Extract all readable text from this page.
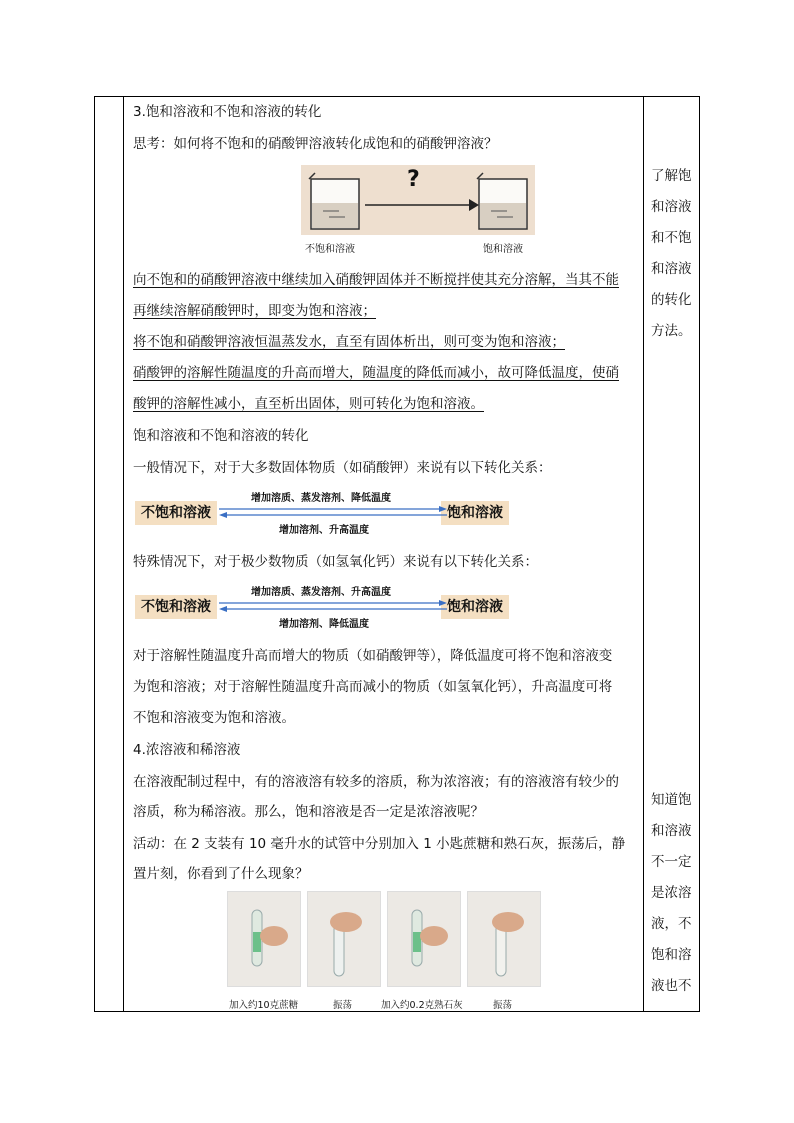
3.饱和溶液和不饱和溶液的转化
思考：如何将不饱和的硝酸钾溶液转化成饱和的硝酸钾溶液？
?
不饱和溶液	饱和溶液
向不饱和的硝酸钾溶液中继续加入硝酸钾固体并不断搅拌使其充分溶解，当其不能
再继续溶解硝酸钾时，即变为饱和溶液；
将不饱和硝酸钾溶液恒温蒸发水，直至有固体析出，则可变为饱和溶液；
硝酸钾的溶解性随温度的升高而增大，随温度的降低而减小，故可降低温度，使硝
酸钾的溶解性减小，直至析出固体，则可转化为饱和溶液。
饱和溶液和不饱和溶液的转化
一般情况下，对于大多数固体物质（如硝酸钾）来说有以下转化关系：
不饱和溶液	饱和溶液
增加溶质、蒸发溶剂、降低温度
增加溶剂、升高温度
特殊情况下，对于极少数物质（如氢氧化钙）来说有以下转化关系：
不饱和溶液	饱和溶液
增加溶质、蒸发溶剂、升高温度
增加溶剂、降低温度
对于溶解性随温度升高而增大的物质（如硝酸钾等），降低温度可将不饱和溶液变
为饱和溶液；对于溶解性随温度升高而减小的物质（如氢氧化钙），升高温度可将
不饱和溶液变为饱和溶液。
4.浓溶液和稀溶液
在溶液配制过程中，有的溶液溶有较多的溶质，称为浓溶液；有的溶液溶有较少的
溶质，称为稀溶液。那么，饱和溶液是否一定是浓溶液呢？
活动：在 2 支装有 10 毫升水的试管中分别加入 1 小匙蔗糖和熟石灰，振荡后，静
置片刻，你看到了什么现象？
加入约10克蔗糖	振荡	加入约0.2克熟石灰	振荡
了解饱
和溶液
和不饱
和溶液
的转化
方法。
知道饱
和溶液
不一定
是浓溶
液，不
饱和溶
液也不
